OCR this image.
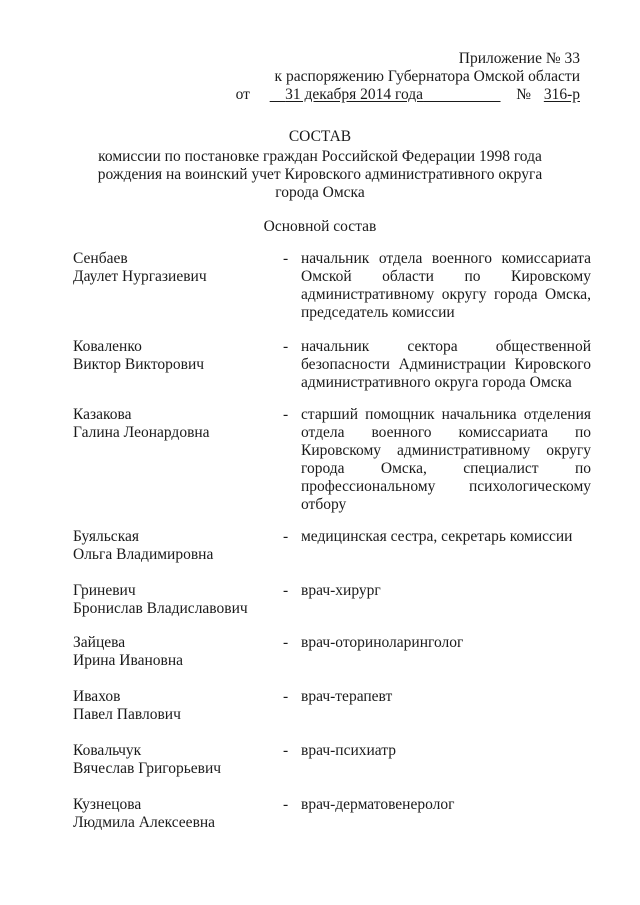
Приложение № 33
к распоряжению Губернатора Омской области
от 31 декабря 2014 года	№ 316-р
СОСТАВ
комиссии по постановке граждан Российской Федерации 1998 года
рождения на воинский учет Кировского административного округа
города Омска
Основной состав
Сенбаев
Даулет Нургазиевич
- начальник отдела военного комиссариата Омской области по Кировскому административному округу города Омска, председатель комиссии
Коваленко
Виктор Викторович
- начальник сектора общественной безопасности Администрации Кировского административного округа города Омска
Казакова
Галина Леонардовна
- старший помощник начальника отделения отдела военного комиссариата по Кировскому административному округу города Омска, специалист по профессиональному психологическому отбору
Буяльская
Ольга Владимировна
- медицинская сестра, секретарь комиссии
Гриневич
Бронислав Владиславович
- врач-хирург
Зайцева
Ирина Ивановна
- врач-оториноларинголог
Ивахов
Павел Павлович
- врач-терапевт
Ковальчук
Вячеслав Григорьевич
- врач-психиатр
Кузнецова
Людмила Алексеевна
- врач-дерматовенеролог
